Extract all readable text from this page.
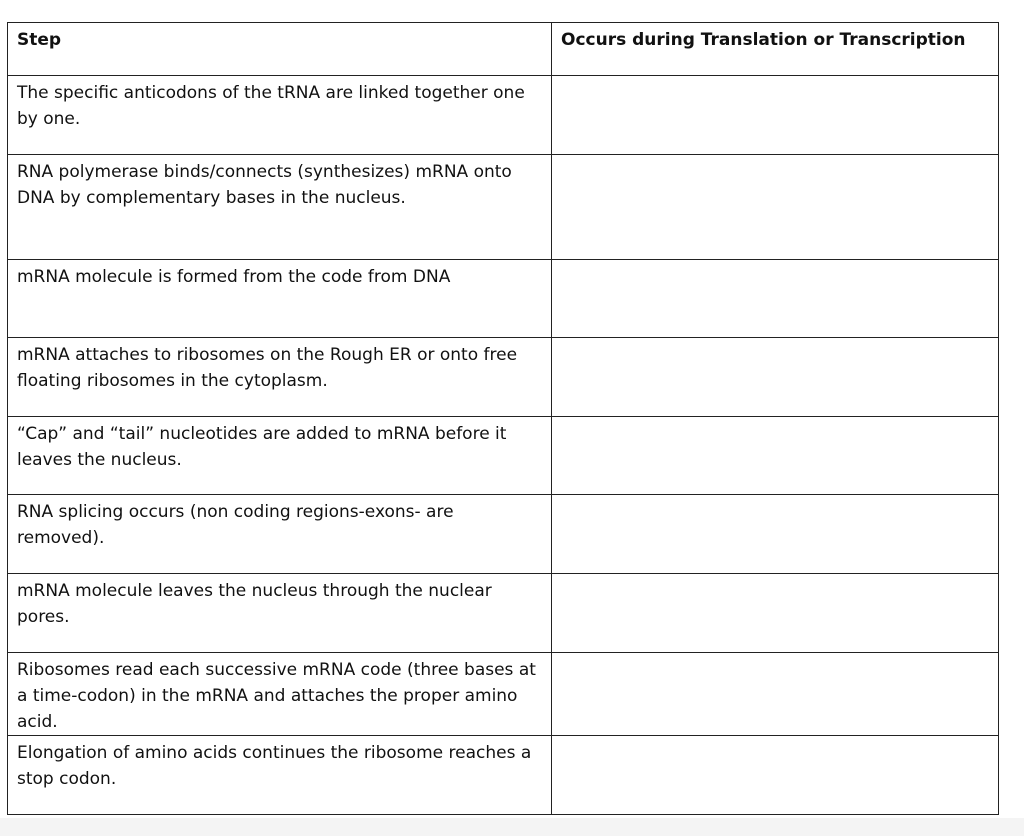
Step	Occurs during Translation or Transcription
The specific anticodons of the tRNA are linked together one by one.	
RNA polymerase binds/connects (synthesizes) mRNA onto DNA by complementary bases in the nucleus.	
mRNA molecule is formed from the code from DNA	
mRNA attaches to ribosomes on the Rough ER or onto free floating ribosomes in the cytoplasm.	
“Cap” and “tail” nucleotides are added to mRNA before it leaves the nucleus.	
RNA splicing occurs (non coding regions-exons- are removed).	
mRNA molecule leaves the nucleus through the nuclear pores.	
Ribosomes read each successive mRNA code (three bases at a time-codon) in the mRNA and attaches the proper amino acid.	
Elongation of amino acids continues the ribosome reaches a stop codon.	
